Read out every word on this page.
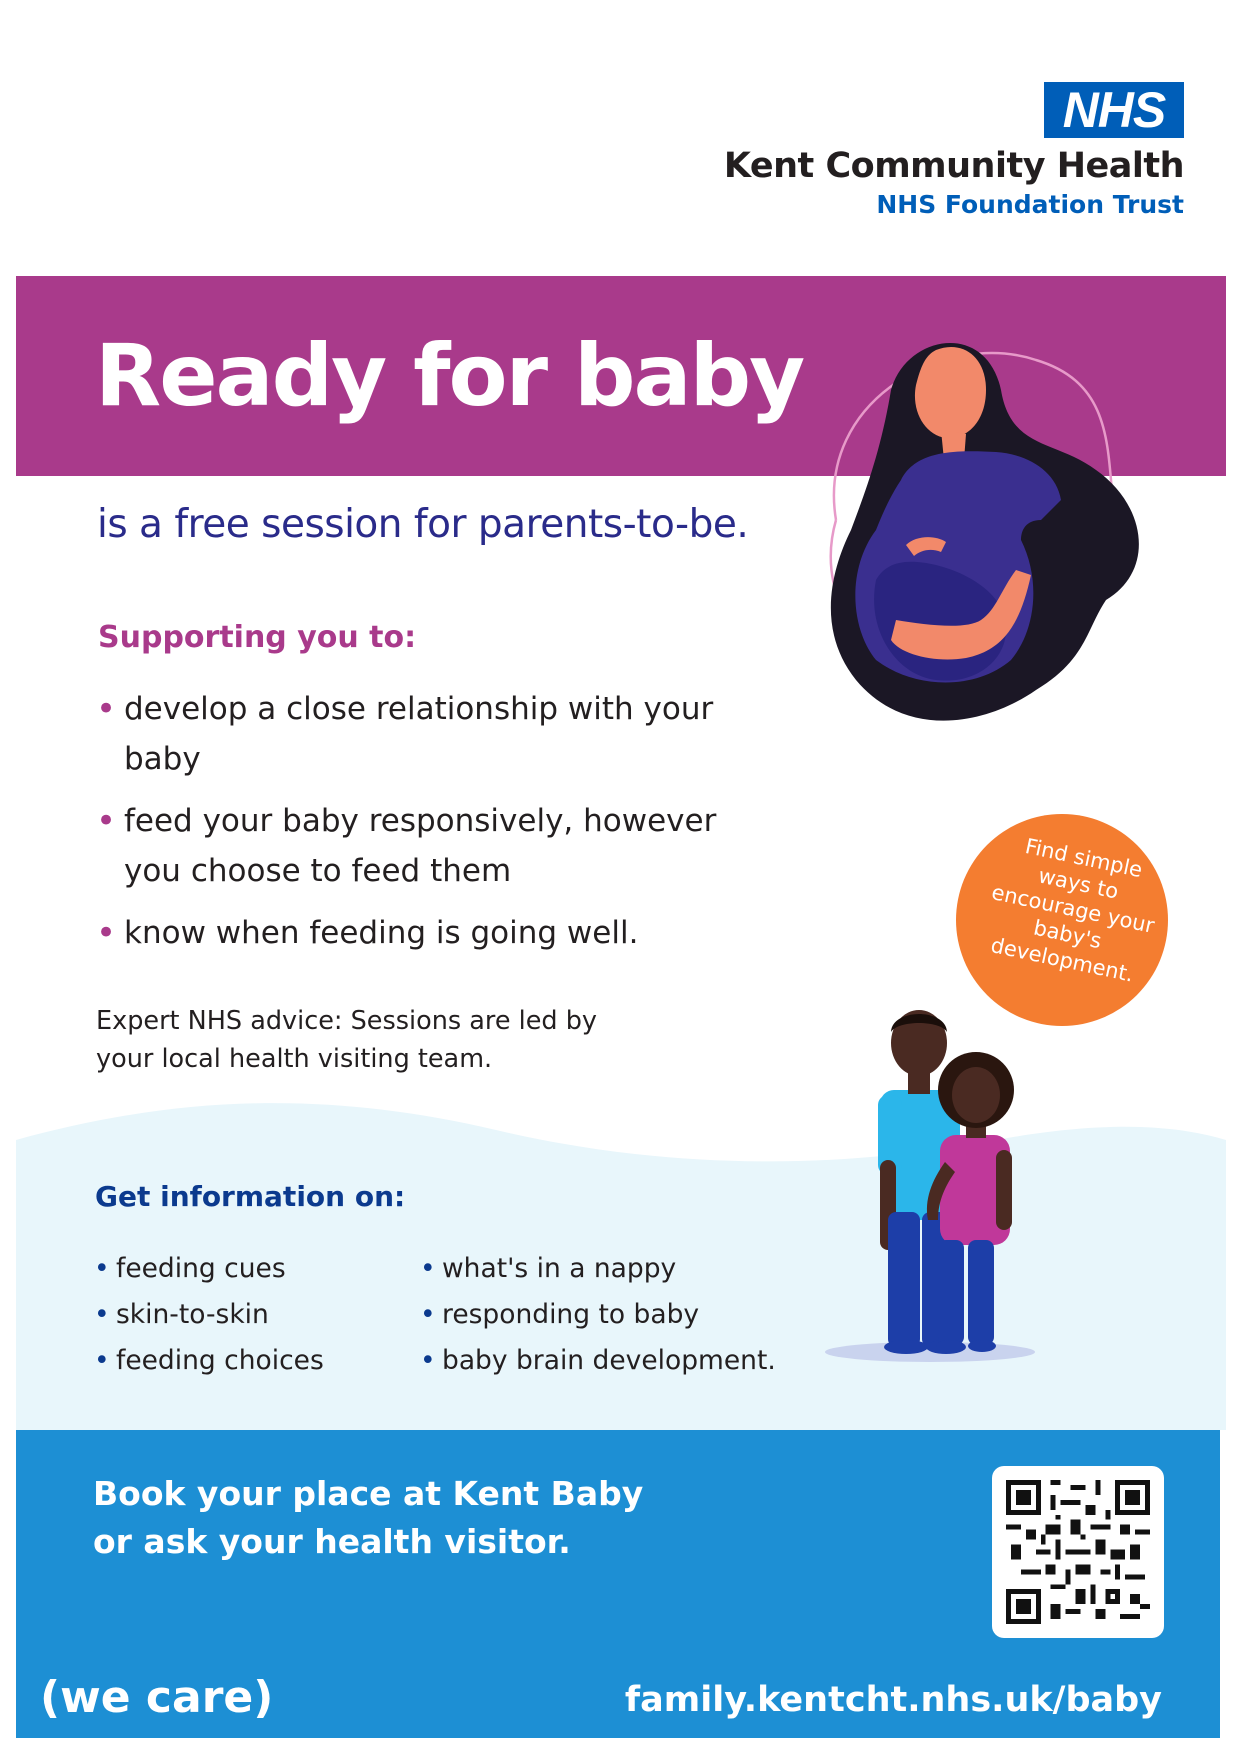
NHS
Kent Community Health
NHS Foundation Trust
Ready for baby
is a free session for parents-to-be.
Supporting you to:
• develop a close relationship with your baby
• feed your baby responsively, however you choose to feed them
• know when feeding is going well.
Expert NHS advice: Sessions are led by your local health visiting team.
Find simple ways to encourage your baby's development.
Get information on:
• feeding cues
• skin-to-skin
• feeding choices
• what's in a nappy
• responding to baby
• baby brain development.
Book your place at Kent Baby
or ask your health visitor.
(we care)	family.kentcht.nhs.uk/baby
